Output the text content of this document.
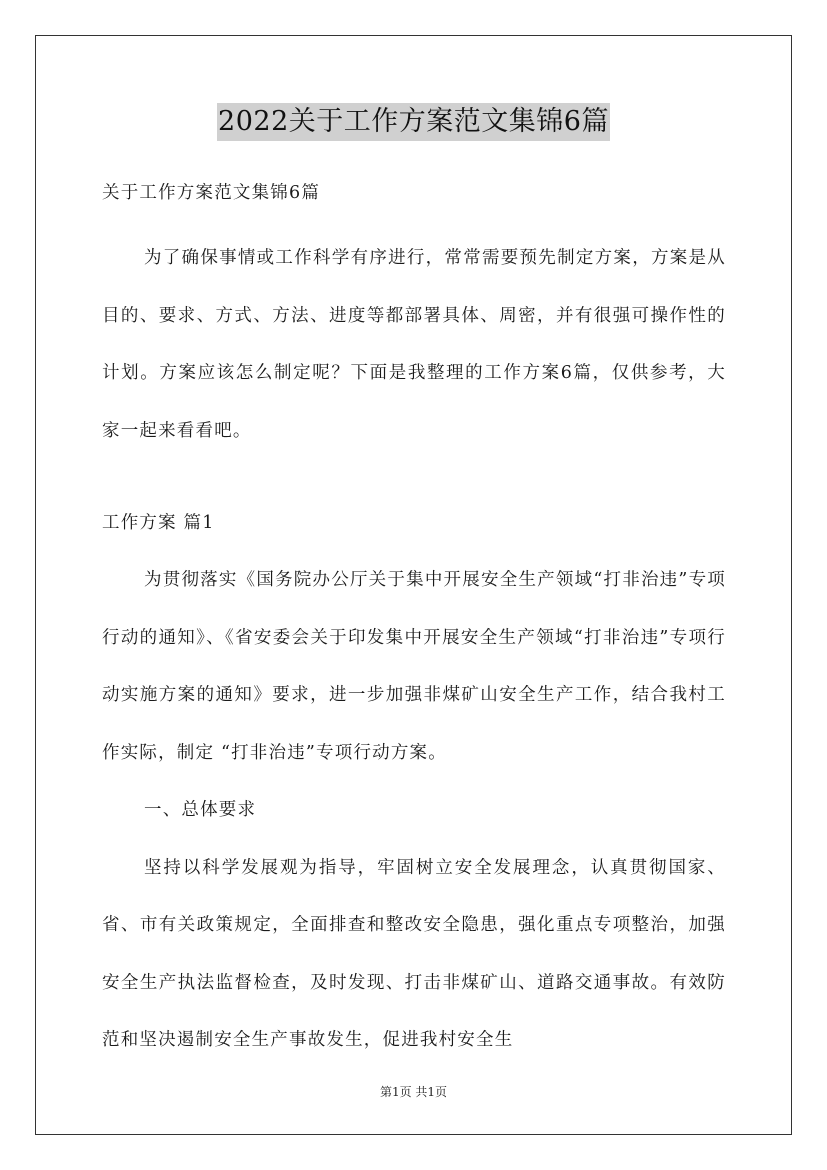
2022关于工作方案范文集锦6篇

关于工作方案范文集锦6篇

为了确保事情或工作科学有序进行，常常需要预先制定方案，方案是从目的、要求、方式、方法、进度等都部署具体、周密，并有很强可操作性的计划。方案应该怎么制定呢？下面是我整理的工作方案6篇，仅供参考，大家一起来看看吧。

工作方案 篇1

为贯彻落实《国务院办公厅关于集中开展安全生产领域“打非治违”专项行动的通知》、《省安委会关于印发集中开展安全生产领域“打非治违”专项行动实施方案的通知》要求，进一步加强非煤矿山安全生产工作，结合我村工作实际，制定 “打非治违”专项行动方案。

一、总体要求

坚持以科学发展观为指导，牢固树立安全发展理念，认真贯彻国家、省、市有关政策规定，全面排查和整改安全隐患，强化重点专项整治，加强安全生产执法监督检查，及时发现、打击非煤矿山、道路交通事故。有效防范和坚决遏制安全生产事故发生，促进我村安全生

第1页 共1页
